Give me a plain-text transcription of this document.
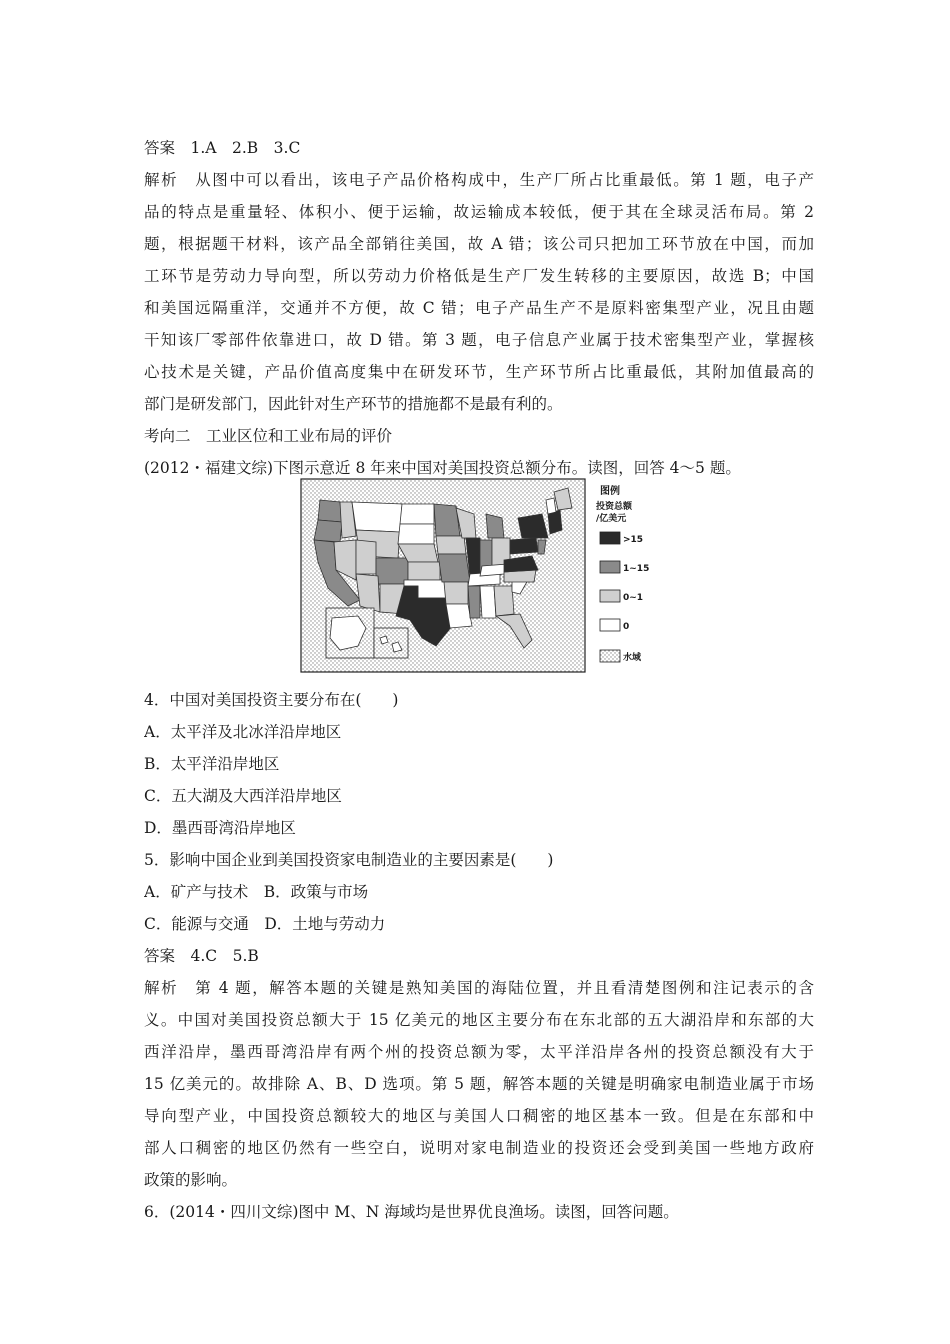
答案　1.A　2.B　3.C
解析　从图中可以看出，该电子产品价格构成中，生产厂所占比重最低。第 1 题，电子产
品的特点是重量轻、体积小、便于运输，故运输成本较低，便于其在全球灵活布局。第 2
题，根据题干材料，该产品全部销往美国，故 A 错；该公司只把加工环节放在中国，而加
工环节是劳动力导向型，所以劳动力价格低是生产厂发生转移的主要原因，故选 B；中国
和美国远隔重洋，交通并不方便，故 C 错；电子产品生产不是原料密集型产业，况且由题
干知该厂零部件依靠进口，故 D 错。第 3 题，电子信息产业属于技术密集型产业，掌握核
心技术是关键，产品价值高度集中在研发环节，生产环节所占比重最低，其附加值最高的
部门是研发部门，因此针对生产环节的措施都不是最有利的。
考向二　工业区位和工业布局的评价
(2012・福建文综)下图示意近 8 年来中国对美国投资总额分布。读图，回答 4～5 题。
图例
投资总额
/亿美元
>15
1~15
0~1
0
水域
4．中国对美国投资主要分布在(　　)
A．太平洋及北冰洋沿岸地区
B．太平洋沿岸地区
C．五大湖及大西洋沿岸地区
D．墨西哥湾沿岸地区
5．影响中国企业到美国投资家电制造业的主要因素是(　　)
A．矿产与技术　B．政策与市场
C．能源与交通　D．土地与劳动力
答案　4.C　5.B
解析　第 4 题，解答本题的关键是熟知美国的海陆位置，并且看清楚图例和注记表示的含
义。中国对美国投资总额大于 15 亿美元的地区主要分布在东北部的五大湖沿岸和东部的大
西洋沿岸，墨西哥湾沿岸有两个州的投资总额为零，太平洋沿岸各州的投资总额没有大于
15 亿美元的。故排除 A、B、D 选项。第 5 题，解答本题的关键是明确家电制造业属于市场
导向型产业，中国投资总额较大的地区与美国人口稠密的地区基本一致。但是在东部和中
部人口稠密的地区仍然有一些空白，说明对家电制造业的投资还会受到美国一些地方政府
政策的影响。
6．(2014・四川文综)图中 M、N 海域均是世界优良渔场。读图，回答问题。
